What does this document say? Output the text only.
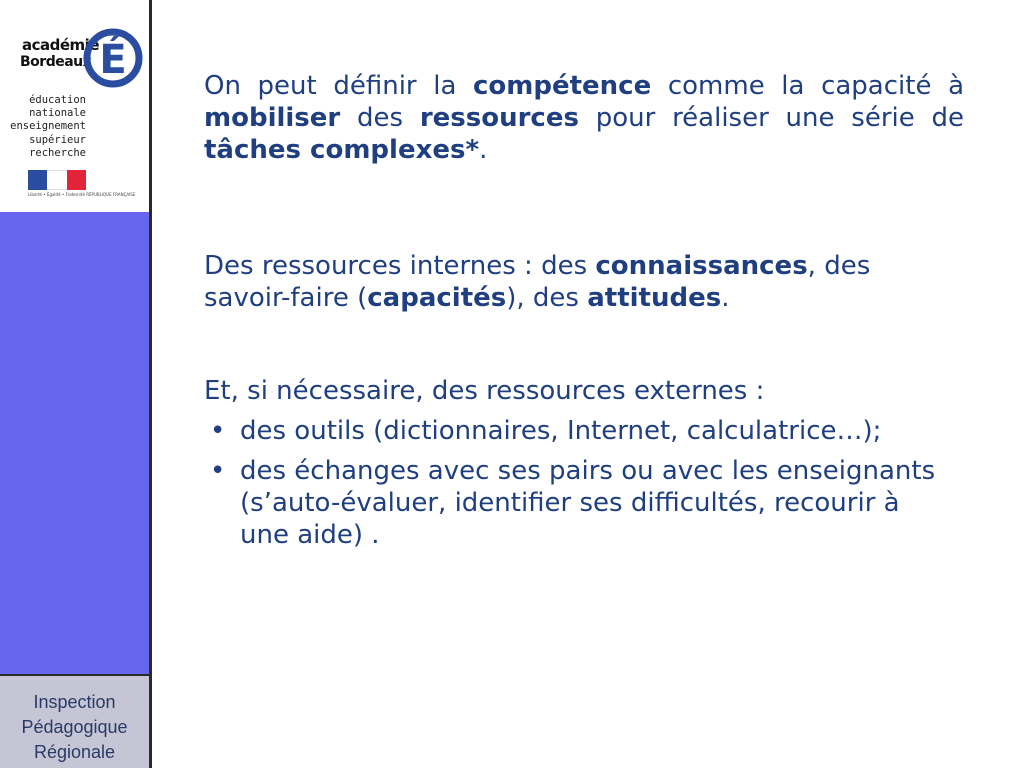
académie
Bordeaux É
éducation
nationale
enseignement
supérieur
recherche
Liberté • Égalité • Fraternité RÉPUBLIQUE FRANÇAISE
Inspection
Pédagogique
Régionale
On peut définir la compétence comme la capacité à mobiliser des ressources pour réaliser une série de tâches complexes*.
Des ressources internes : des connaissances, des savoir-faire (capacités), des attitudes.
Et, si nécessaire, des ressources externes :
• des outils (dictionnaires, Internet, calculatrice…);
• des échanges avec ses pairs ou avec les enseignants (s’auto-évaluer, identifier ses difficultés, recourir à une aide) .
